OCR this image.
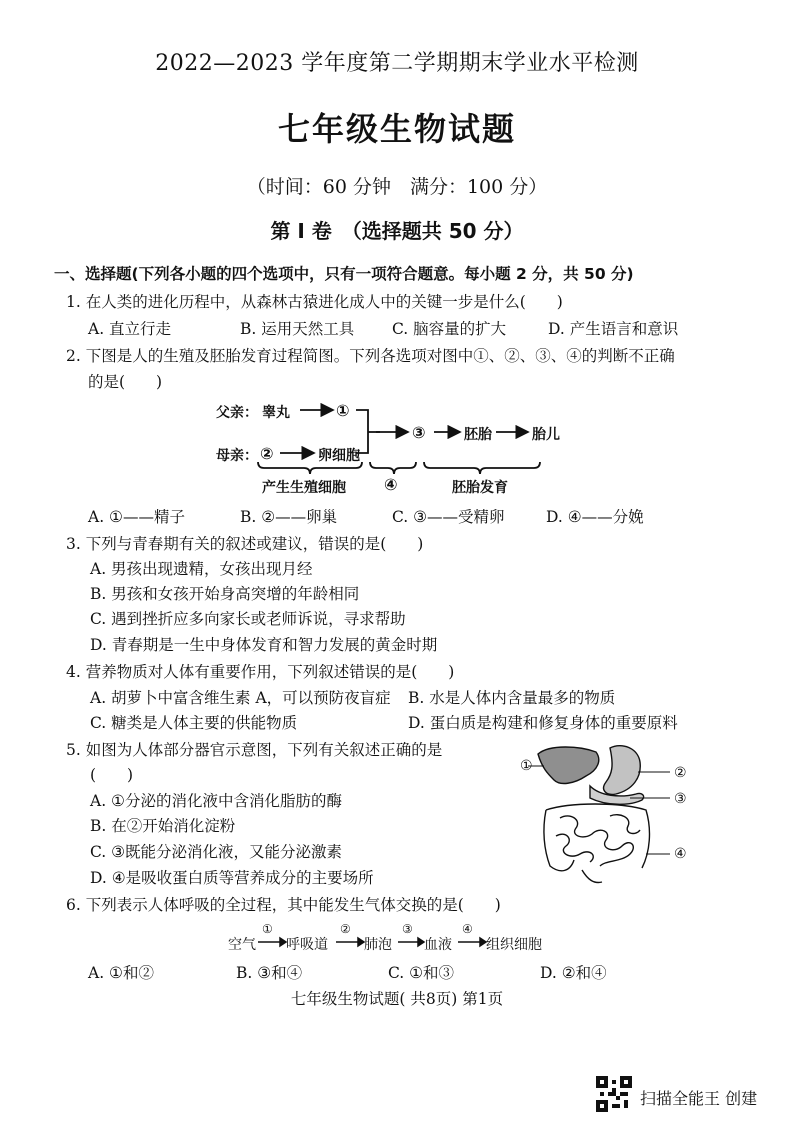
2022—2023 学年度第二学期期末学业水平检测
七年级生物试题
（时间：60 分钟　满分：100 分）
第 Ⅰ 卷　（选择题共 50 分）
一、选择题(下列各小题的四个选项中，只有一项符合题意。每小题 2 分，共 50 分)
1. 在人类的进化历程中，从森林古猿进化成人中的关键一步是什么(　　)
A. 直立行走	B. 运用天然工具 C. 脑容量的扩大	D. 产生语言和意识
2. 下图是人的生殖及胚胎发育过程简图。下列各选项对图中①、②、③、④的判断不正确
的是(　　)
父亲： 睾丸	①
母亲： ②	卵细胞
③	胚胎	胎儿
产生生殖细胞 ④	胚胎发育
A. ①——精子	B. ②——卵巢	C. ③——受精卵	D. ④——分娩
3. 下列与青春期有关的叙述或建议，错误的是(　　)
A. 男孩出现遗精，女孩出现月经
B. 男孩和女孩开始身高突增的年龄相同
C. 遇到挫折应多向家长或老师诉说，寻求帮助
D. 青春期是一生中身体发育和智力发展的黄金时期
4. 营养物质对人体有重要作用，下列叙述错误的是(　　)
A. 胡萝卜中富含维生素 A，可以预防夜盲症 B. 水是人体内含量最多的物质
C. 糖类是人体主要的供能物质	D. 蛋白质是构建和修复身体的重要原料
5. 如图为人体部分器官示意图，下列有关叙述正确的是
(　　)
A. ①分泌的消化液中含消化脂肪的酶
B. 在②开始消化淀粉
C. ③既能分泌消化液，又能分泌激素
D. ④是吸收蛋白质等营养成分的主要场所
①	②
③
④
6. 下列表示人体呼吸的全过程，其中能发生气体交换的是(　　)
空气
①
呼吸道
②
肺泡
③
血液
④
组织细胞
A. ①和②	B. ③和④	C. ①和③	D. ②和④
七年级生物试题( 共8页) 第1页
扫描全能王 创建
